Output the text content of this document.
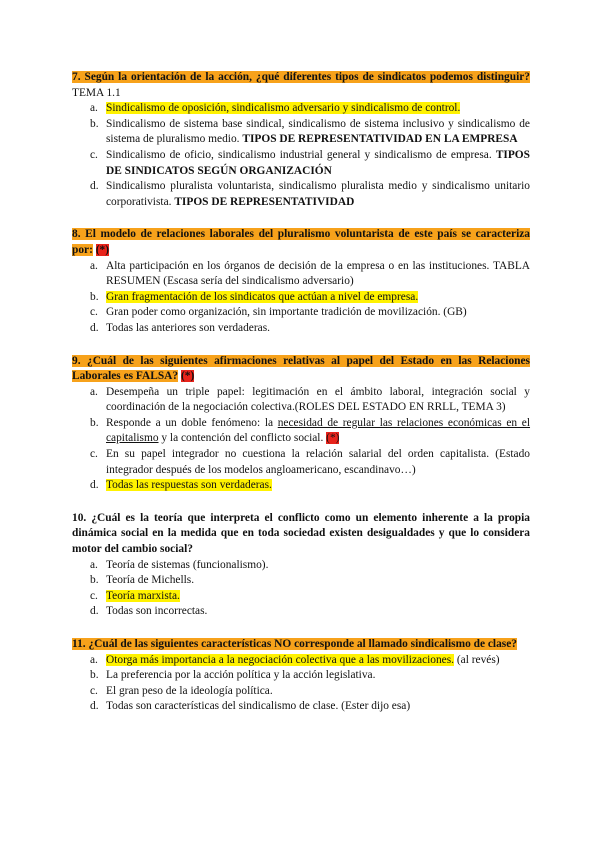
7. Según la orientación de la acción, ¿qué diferentes tipos de sindicatos podemos distinguir? TEMA 1.1

a. Sindicalismo de oposición, sindicalismo adversario y sindicalismo de control.
b. Sindicalismo de sistema base sindical, sindicalismo de sistema inclusivo y sindicalismo de sistema de pluralismo medio. TIPOS DE REPRESENTATIVIDAD EN LA EMPRESA
c. Sindicalismo de oficio, sindicalismo industrial general y sindicalismo de empresa. TIPOS DE SINDICATOS SEGÚN ORGANIZACIÓN
d. Sindicalismo pluralista voluntarista, sindicalismo pluralista medio y sindicalismo unitario corporativista. TIPOS DE REPRESENTATIVIDAD

8. El modelo de relaciones laborales del pluralismo voluntarista de este país se caracteriza por: (*)

a. Alta participación en los órganos de decisión de la empresa o en las instituciones. TABLA RESUMEN (Escasa sería del sindicalismo adversario)
b. Gran fragmentación de los sindicatos que actúan a nivel de empresa.
c. Gran poder como organización, sin importante tradición de movilización. (GB)
d. Todas las anteriores son verdaderas.

9. ¿Cuál de las siguientes afirmaciones relativas al papel del Estado en las Relaciones Laborales es FALSA? (*)

a. Desempeña un triple papel: legitimación en el ámbito laboral, integración social y coordinación de la negociación colectiva.(ROLES DEL ESTADO EN RRLL, TEMA 3)
b. Responde a un doble fenómeno: la necesidad de regular las relaciones económicas en el capitalismo y la contención del conflicto social. (*)
c. En su papel integrador no cuestiona la relación salarial del orden capitalista. (Estado integrador después de los modelos angloamericano, escandinavo…)
d. Todas las respuestas son verdaderas.

10. ¿Cuál es la teoría que interpreta el conflicto como un elemento inherente a la propia dinámica social en la medida que en toda sociedad existen desigualdades y que lo considera motor del cambio social?

a. Teoría de sistemas (funcionalismo).
b. Teoría de Michells.
c. Teoría marxista.
d. Todas son incorrectas.

11. ¿Cuál de las siguientes características NO corresponde al llamado sindicalismo de clase?

a. Otorga más importancia a la negociación colectiva que a las movilizaciones. (al revés)
b. La preferencia por la acción política y la acción legislativa.
c. El gran peso de la ideología política.
d. Todas son características del sindicalismo de clase. (Ester dijo esa)
